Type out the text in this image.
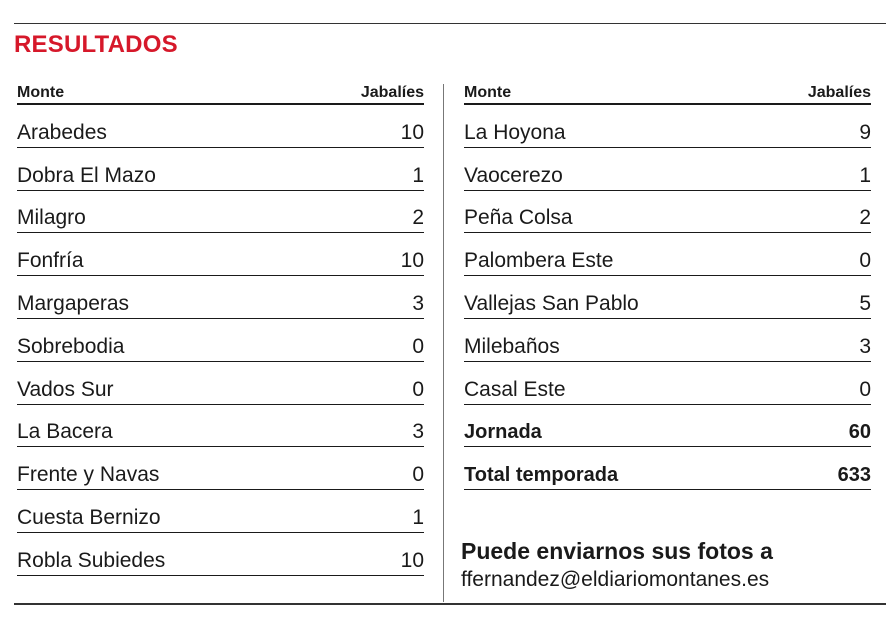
RESULTADOS
Monte	Jabalíes
Arabedes	10
Dobra El Mazo	1
Milagro	2
Fonfría	10
Margaperas	3
Sobrebodia	0
Vados Sur	0
La Bacera	3
Frente y Navas	0
Cuesta Bernizo	1
Robla Subiedes	10
Monte	Jabalíes
La Hoyona	9
Vaocerezo	1
Peña Colsa	2
Palombera Este	0
Vallejas San Pablo	5
Milebaños	3
Casal Este	0
Jornada	60
Total temporada	633
Puede enviarnos sus fotos a
ffernandez@eldiariomontanes.es
